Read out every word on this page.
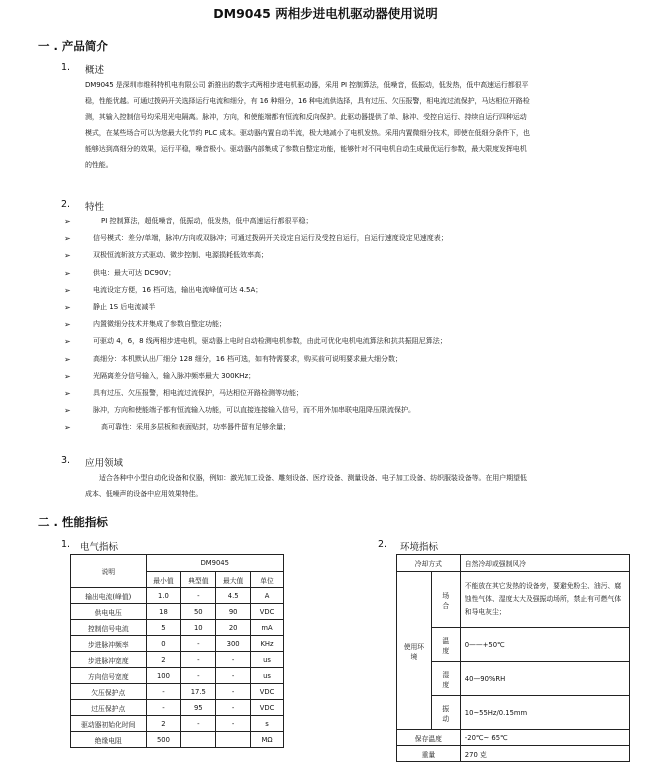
DM9045 两相步进电机驱动器使用说明
一 . 产品简介
1. 概述
DM9045 是深圳市维科特机电有限公司 新推出的数字式两相步进电机驱动器，采用 PI 控制算法，低噪音，低振动，低发热，低中高速运行都很平
稳，性能优越。可通过拨码开关选择运行电流和细分，有 16 种细分，16 种电流供选择，具有过压、欠压报警，相电流过流保护，马达相位开路检
测，其输入控制信号均采用光电隔离。脉冲，方向，和使能端都有恒流和反向保护。此驱动器提供了单、脉冲、受控自运行、持续自运行四种运动
模式，在某些场合可以为您最大化节约 PLC 成本。驱动器内置自动半流，极大地减小了电机发热。采用内置微细分技术，即使在低细分条件下，也
能够达到高细分的效果，运行平稳，噪音极小。驱动器内部集成了参数自整定功能，能够针对不同电机自动生成最优运行参数，最大限度发挥电机
的性能。
2. 特性
➢	PI 控制算法，超低噪音，低振动，低发热，低中高速运行都很平稳；
➢	信号模式：差分/单端，脉冲/方向或双脉冲；可通过拨码开关设定自运行及受控自运行，自运行速度设定见速度表；
➢	双极恒流斩波方式驱动、微步控制、电源损耗低效率高；
➢	供电：最大可达 DC90V；
➢	电流设定方便，16 档可选，输出电流峰值可达 4.5A；
➢	静止 1S 后电流减半
➢	内置微细分技术并集成了参数自整定功能；
➢	可驱动 4，6，8 线两相步进电机，驱动器上电时自动检测电机参数，由此可优化电机电流算法和抗共振阻尼算法；
➢	高细分：本机默认出厂细分 128 细分，16 档可选，如有特需要求，购买前可说明要求最大细分数；
➢	光隔离差分信号输入，输入脉冲频率最大 300KHz；
➢	具有过压、欠压报警，相电流过流保护，马达相位开路检测等功能；
➢	脉冲，方向和使能端子都有恒流输入功能，可以直接连接输入信号，而不用外加串联电阻降压限流保护。
➢	高可靠性：采用多层板和表面贴封，功率器件留有足够余量；
3. 应用领域
适合各种中小型自动化设备和仪器，例如：激光加工设备、雕刻设备、医疗设备、测量设备、电子加工设备、纺织服装设备等。在用户期望低
成本、低噪声的设备中应用效果特佳。
二 . 性能指标
1. 电气指标	2. 环境指标
说明	DM9045			
	最小值	典型值	最大值	单位
输出电流(峰值)	1.0	-	4.5	A
供电电压	18	50	90	VDC
控制信号电流	5	10	20	mA
步进脉冲频率	0	-	300	KHz
步进脉冲宽度	2	-	-	us
方向信号宽度	100	-	-	us
欠压保护点	-	17.5	-	VDC
过压保护点	-	95	-	VDC
驱动器初始化时间	2	-	-	s
绝缘电阻	500			MΩ
冷却方式		自然冷却或强制风冷
使用环境	场合	不能放在其它发热的设备旁，要避免粉尘、油污、腐蚀性气体、湿度太大及强振动场所，禁止有可燃气体和导电灰尘；
	温度	0——+50℃
	湿度	40—90%RH
	振动	10~55Hz/0.15mm
保存温度		-20℃~ 65℃
重量		270 克
